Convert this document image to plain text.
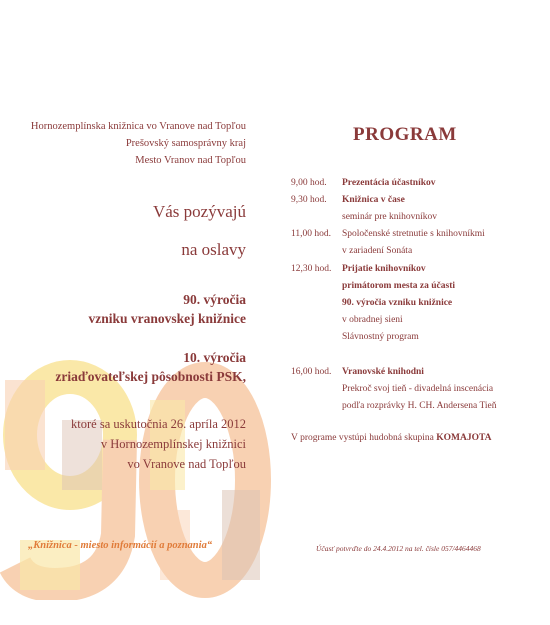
Hornozemplínska knižnica vo Vranove nad Topľou
Prešovský samosprávny kraj
Mesto Vranov nad Topľou
Vás pozývajú
na oslavy
90. výročia
vzniku vranovskej knižnice
10. výročia
zriaďovateľskej pôsobnosti PSK,
ktoré sa uskutočnia 26. apríla 2012
v Hornozemplínskej knižnici
vo Vranove nad Topľou
„Knižnica - miesto informácií a poznania“
PROGRAM
9,00 hod. Prezentácia účastníkov
9,30 hod. Knižnica v čase
seminár pre knihovníkov
11,00 hod. Spoločenské stretnutie s knihovníkmi
v zariadení Sonáta
12,30 hod. Prijatie knihovníkov
primátorom mesta za účasti
90. výročia vzniku knižnice
v obradnej sieni
Slávnostný program
16,00 hod. Vranovské knihodni
Prekroč svoj tieň - divadelná inscenácia
podľa rozprávky H. CH. Andersena Tieň
V programe vystúpi hudobná skupina KOMAJOTA
Účasť potvrďte do 24.4.2012 na tel. čísle 057/4464468
